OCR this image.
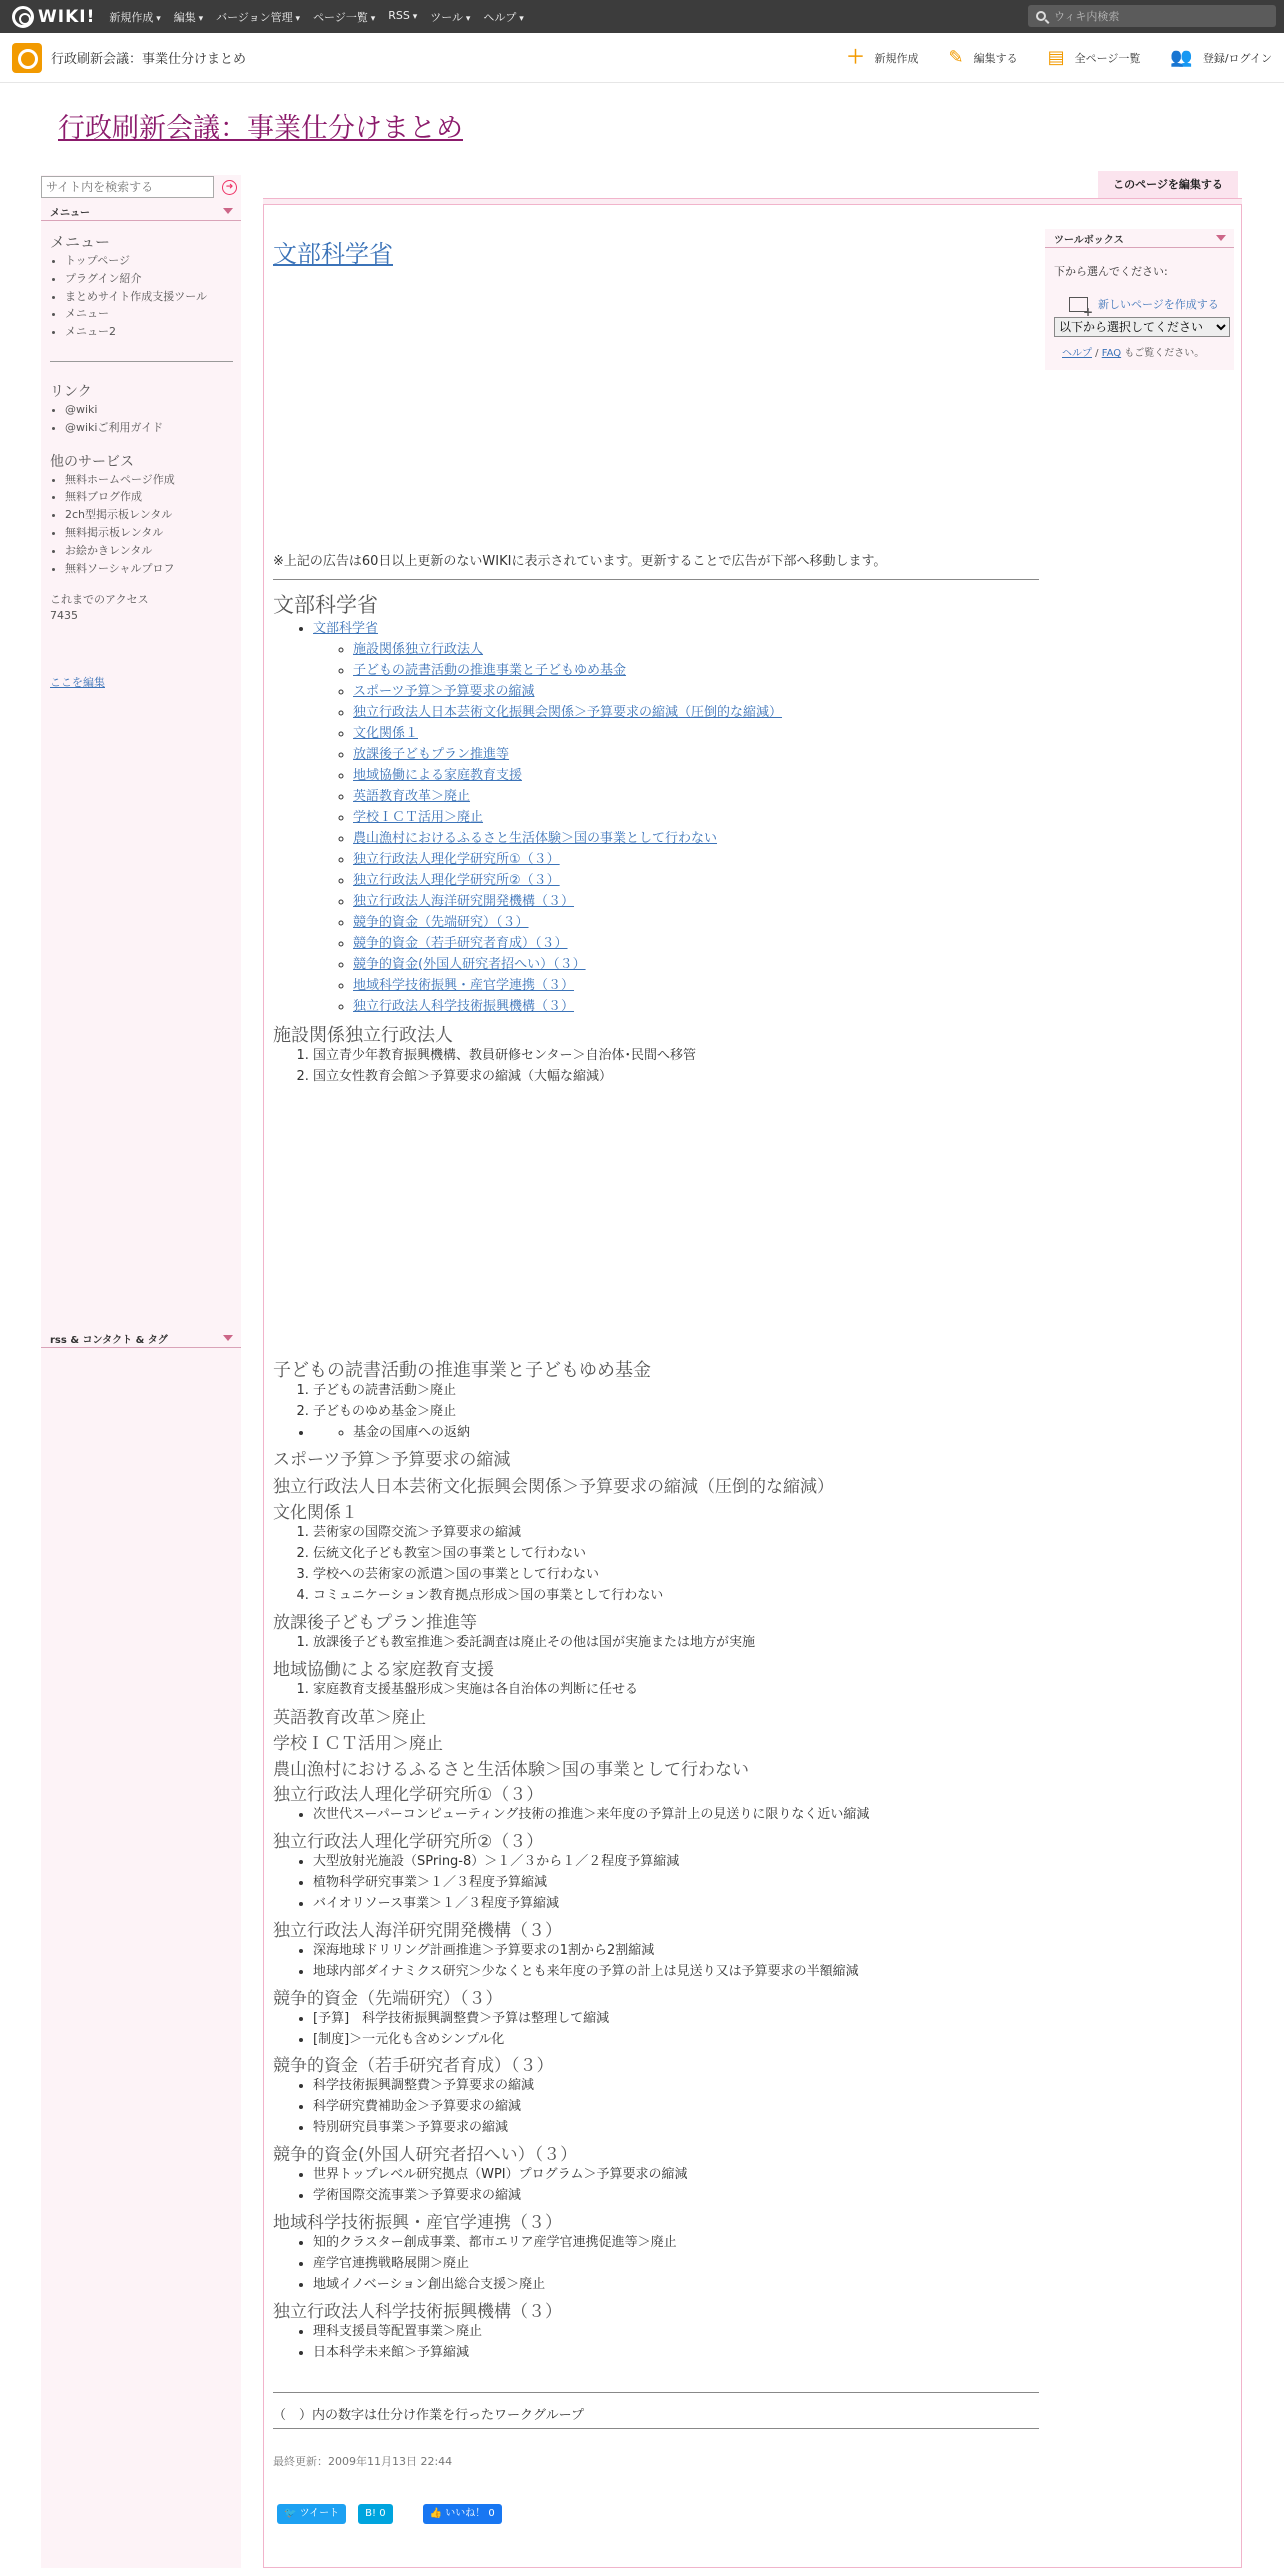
WIKI! 新規作成 ▾	編集 ▾	バージョン管理 ▾	ページ一覧 ▾	RSS ▾	ツール ▾	ヘルプ ▾
ウィキ内検索
行政刷新会議：事業仕分けまとめ	＋ 新規作成 ✎ 編集する ▤ 全ページ一覧 👥 登録/ログイン
行政刷新会議：事業仕分けまとめ
サイト内を検索する
➜
メニュー
メニュー
• トップページ
• プラグイン紹介
• まとめサイト作成支援ツール
• メニュー
• メニュー2
リンク
• @wiki
• @wikiご利用ガイド
他のサービス
• 無料ホームページ作成
• 無料ブログ作成
• 2ch型掲示板レンタル
• 無料掲示板レンタル
• お絵かきレンタル
• 無料ソーシャルプロフ
これまでのアクセス
7435
ここを編集
rss & コンタクト & タグ
このページを編集する
ツールボックス
下から選んでください:
+
新しいページを作成する
以下から選択してください
ヘルプ / FAQ もご覧ください。
文部科学省
※上記の広告は60日以上更新のないWIKIに表示されています。更新することで広告が下部へ移動します。
文部科学省
• 文部科学省
◦ 施設関係独立行政法人
◦ 子どもの読書活動の推進事業と子どもゆめ基金
◦ スポーツ予算＞予算要求の縮減
◦ 独立行政法人日本芸術文化振興会関係＞予算要求の縮減（圧倒的な縮減）
◦ 文化関係１
◦ 放課後子どもプラン推進等
◦ 地域協働による家庭教育支援
◦ 英語教育改革＞廃止
◦ 学校ＩＣＴ活用＞廃止
◦ 農山漁村におけるふるさと生活体験＞国の事業として行わない
◦ 独立行政法人理化学研究所①（３）
◦ 独立行政法人理化学研究所②（３）
◦ 独立行政法人海洋研究開発機構（３）
◦ 競争的資金（先端研究）（３）
◦ 競争的資金（若手研究者育成）（３）
◦ 競争的資金(外国人研究者招へい）（３）
◦ 地域科学技術振興・産官学連携（３）
◦ 独立行政法人科学技術振興機構（３）
施設関係独立行政法人
1. 国立青少年教育振興機構、教員研修センター＞自治体･民間へ移管
2. 国立女性教育会館＞予算要求の縮減（大幅な縮減）
子どもの読書活動の推進事業と子どもゆめ基金
1. 子どもの読書活動＞廃止
2. 子どものゆめ基金＞廃止
◦ • 基金の国庫への返納
スポーツ予算＞予算要求の縮減
独立行政法人日本芸術文化振興会関係＞予算要求の縮減（圧倒的な縮減）
文化関係１
1. 芸術家の国際交流＞予算要求の縮減
2. 伝統文化子ども教室＞国の事業として行わない
3. 学校への芸術家の派遣＞国の事業として行わない
4. コミュニケーション教育拠点形成＞国の事業として行わない
放課後子どもプラン推進等
1. 放課後子ども教室推進＞委託調査は廃止その他は国が実施または地方が実施
地域協働による家庭教育支援
1. 家庭教育支援基盤形成＞実施は各自治体の判断に任せる
英語教育改革＞廃止
学校ＩＣＴ活用＞廃止
農山漁村におけるふるさと生活体験＞国の事業として行わない
独立行政法人理化学研究所①（３）
• 次世代スーパーコンピューティング技術の推進＞来年度の予算計上の見送りに限りなく近い縮減
独立行政法人理化学研究所②（３）
• 大型放射光施設（SPring-8）＞１／３から１／２程度予算縮減
• 植物科学研究事業＞１／３程度予算縮減
• バイオリソース事業＞１／３程度予算縮減
独立行政法人海洋研究開発機構（３）
• 深海地球ドリリング計画推進＞予算要求の1割から2割縮減
• 地球内部ダイナミクス研究＞少なくとも来年度の予算の計上は見送り又は予算要求の半額縮減
競争的資金（先端研究）（３）
• [予算]　科学技術振興調整費＞予算は整理して縮減
• [制度]＞一元化も含めシンプル化
競争的資金（若手研究者育成）（３）
• 科学技術振興調整費＞予算要求の縮減
• 科学研究費補助金＞予算要求の縮減
• 特別研究員事業＞予算要求の縮減
競争的資金(外国人研究者招へい）（３）
• 世界トップレベル研究拠点（WPI）プログラム＞予算要求の縮減
• 学術国際交流事業＞予算要求の縮減
地域科学技術振興・産官学連携（３）
• 知的クラスター創成事業、都市エリア産学官連携促進等＞廃止
• 産学官連携戦略展開＞廃止
• 地域イノベーション創出総合支援＞廃止
独立行政法人科学技術振興機構（３）
• 理科支援員等配置事業＞廃止
• 日本科学未来館＞予算縮減
（　）内の数字は仕分け作業を行ったワークグループ
最終更新：2009年11月13日 22:44
🐦 ツイート	B! 0	👍 いいね！ 0
